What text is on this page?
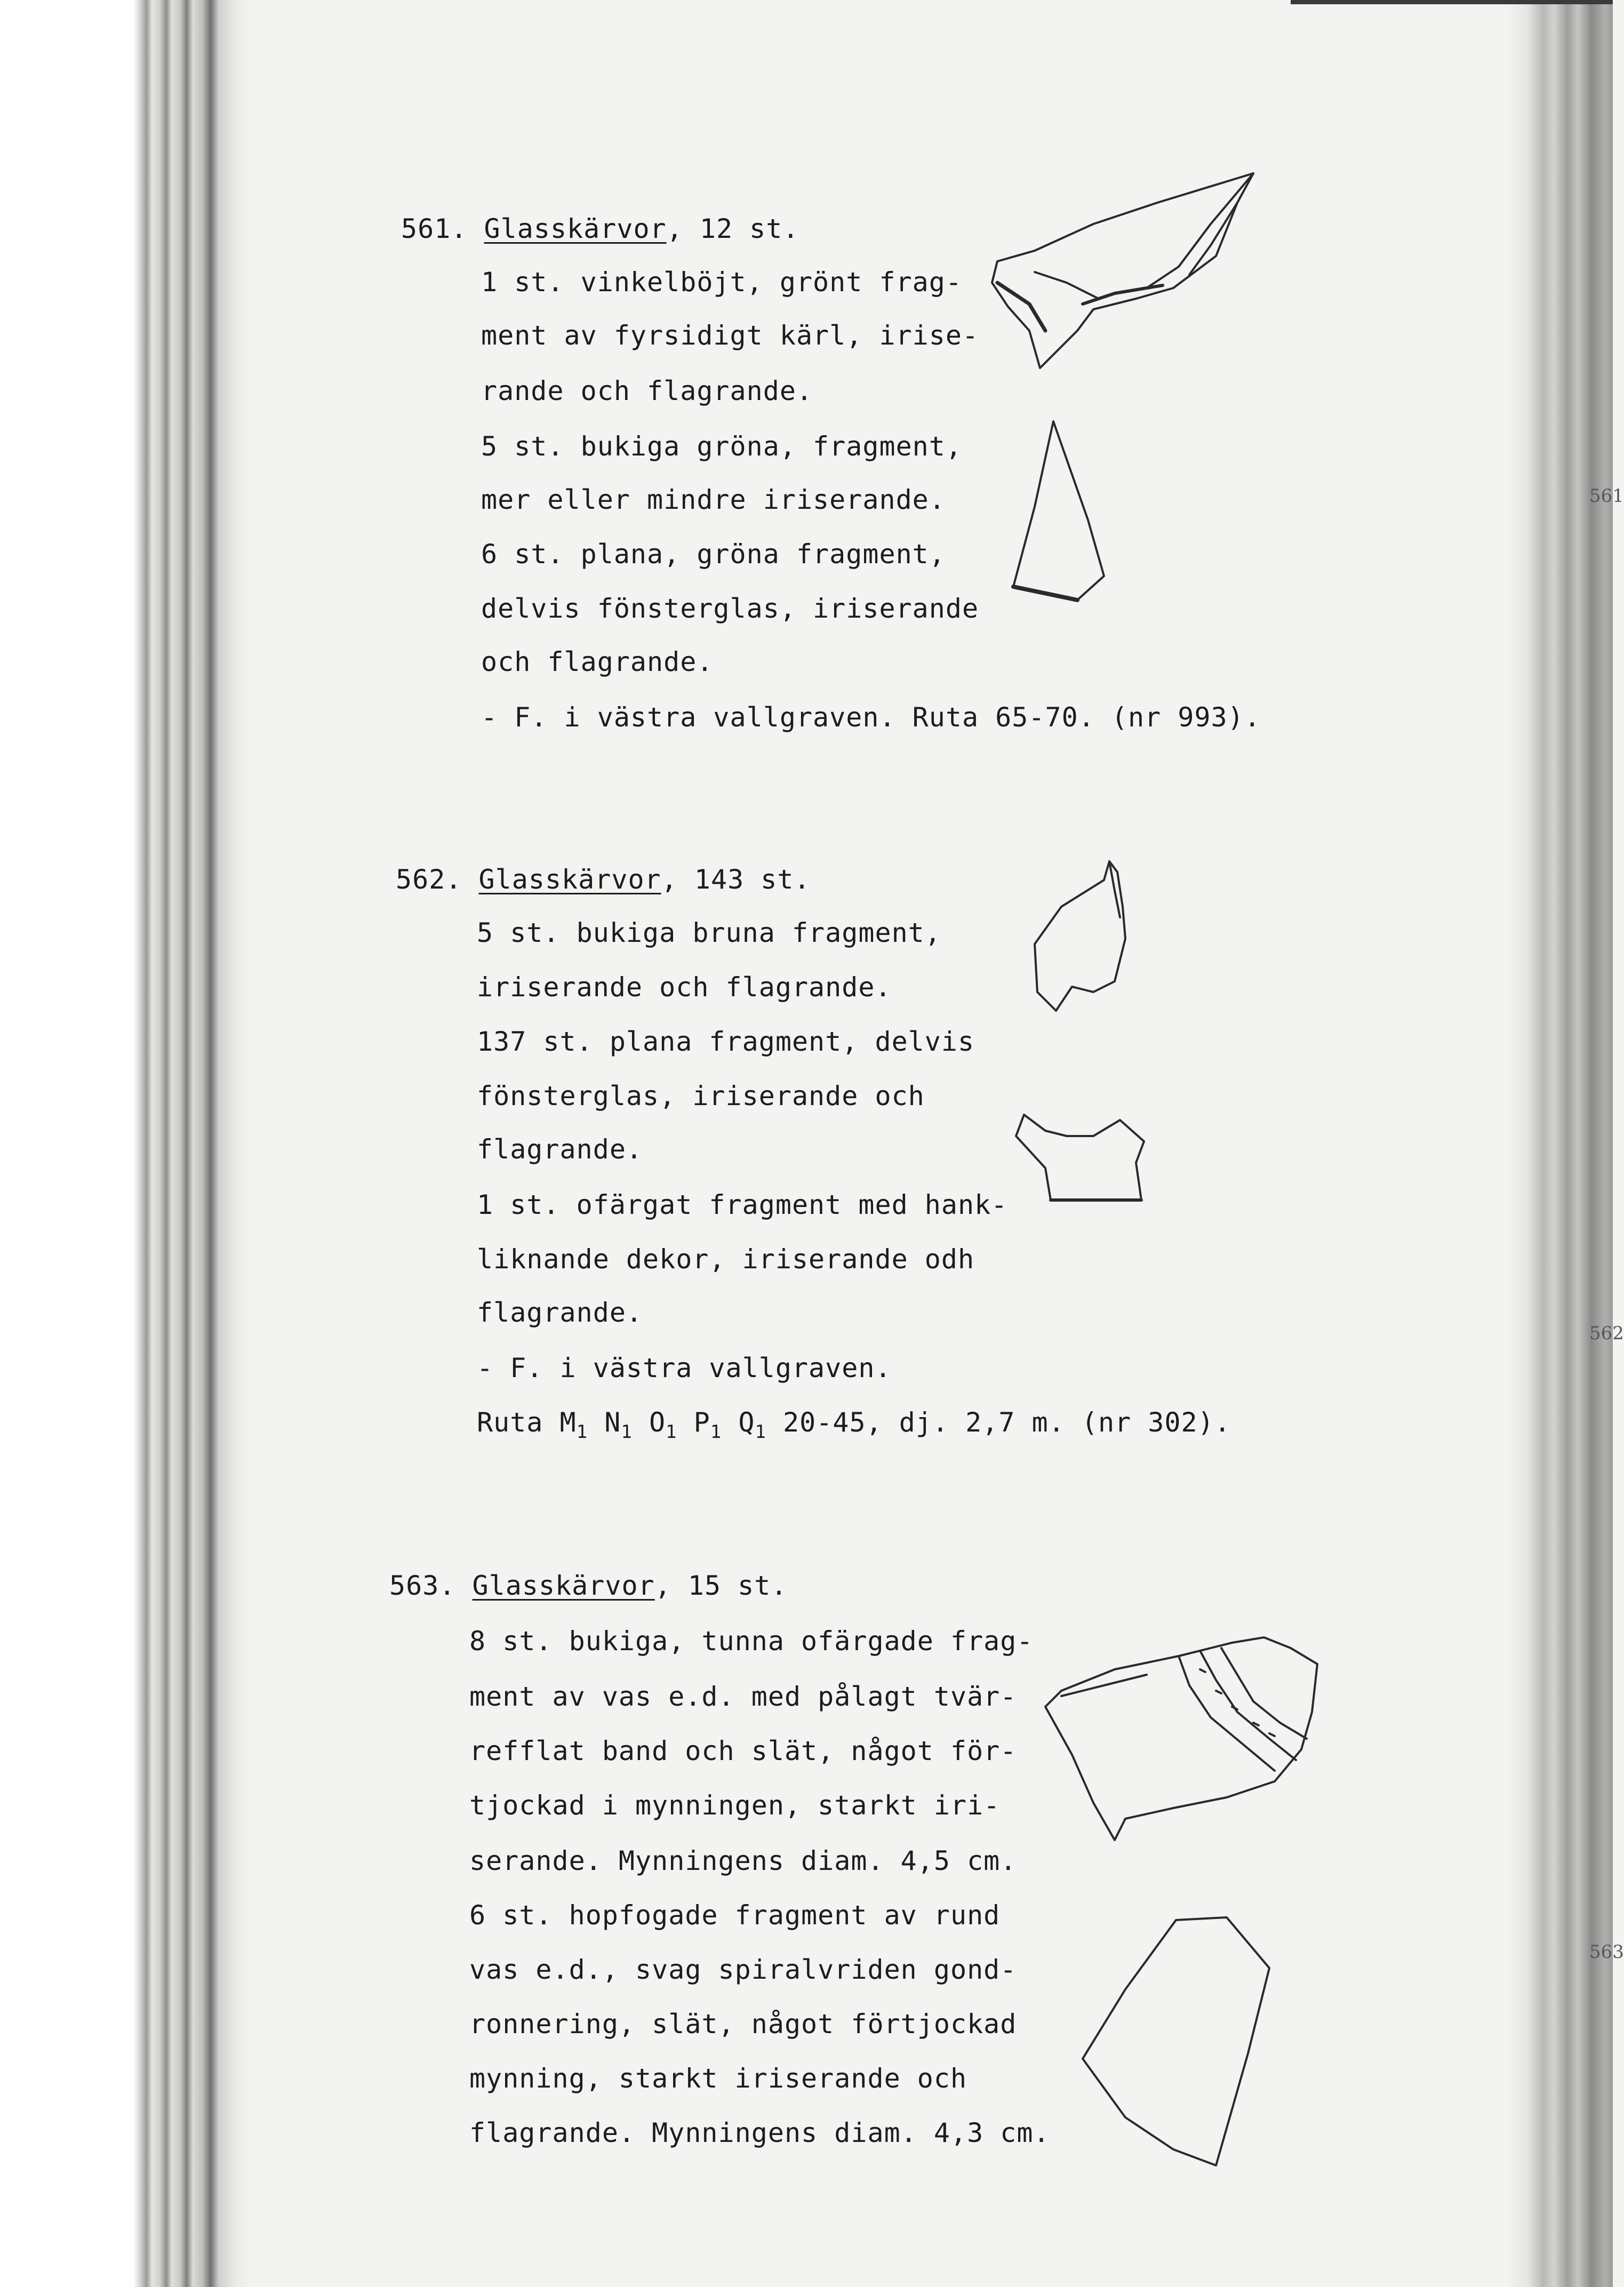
561
562
563
561. Glasskärvor, 12 st.
1 st. vinkelböjt, grönt frag-
ment av fyrsidigt kärl, irise-
rande och flagrande.
5 st. bukiga gröna, fragment,
mer eller mindre iriserande.
6 st. plana, gröna fragment,
delvis fönsterglas, iriserande
och flagrande.
- F. i västra vallgraven. Ruta 65-70. (nr 993).
562. Glasskärvor, 143 st.
5 st. bukiga bruna fragment,
iriserande och flagrande.
137 st. plana fragment, delvis
fönsterglas, iriserande och
flagrande.
1 st. ofärgat fragment med hank-
liknande dekor, iriserande odh
flagrande.
- F. i västra vallgraven.
Ruta $M_1$ $N_1$ $O_1$ $P_1$ $Q_1$ 20-45, dj. 2,7 m. (nr 302).
563. Glasskärvor, 15 st.
8 st. bukiga, tunna ofärgade frag-
ment av vas e.d. med pålagt tvär-
refflat band och slät, något för-
tjockad i mynningen, starkt iri-
serande. Mynningens diam. 4,5 cm.
6 st. hopfogade fragment av rund
vas e.d., svag spiralvriden gond-
ronnering, slät, något förtjockad
mynning, starkt iriserande och
flagrande. Mynningens diam. 4,3 cm.
